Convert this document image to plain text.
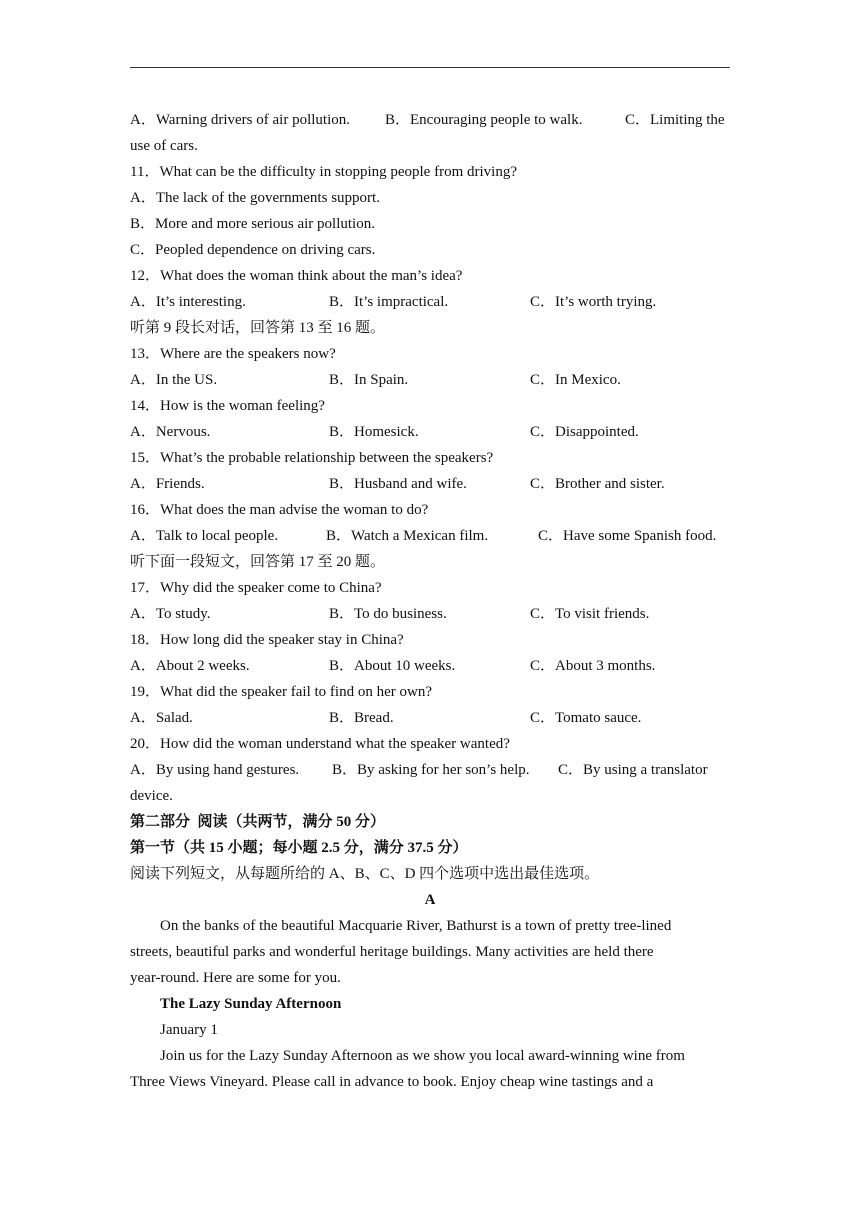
A．Warning drivers of air pollution.

B．Encouraging people to walk.

	C．Limiting the

use of cars.
11．What can be the difficulty in stopping people from driving?
A．The lack of the governments support.
B．More and more serious air pollution.
C．Peopled dependence on driving cars.
12．What does the woman think about the man’s idea?

A．It’s interesting.

	B．It’s impractical.

	C．It’s worth trying.

听第 9 段长对话，回答第 13 至 16 题。
13．Where are the speakers now?

A．In the US.

	B．In Spain.

	C．In Mexico.

14．How is the woman feeling?

A．Nervous.

	B．Homesick.

	C．Disappointed.

15．What’s the probable relationship between the speakers?

A．Friends.

	B．Husband and wife.

	C．Brother and sister.

16．What does the man advise the woman to do?

A．Talk to local people.

	B．Watch a Mexican film.

	C．Have some Spanish food.

听下面一段短文，回答第 17 至 20 题。
17．Why did the speaker come to China?

A．To study.

	B．To do business.

	C．To visit friends.

18．How long did the speaker stay in China?

A．About 2 weeks.

	B．About 10 weeks.

	C．About 3 months.

19．What did the speaker fail to find on her own?

A．Salad.

	B．Bread.

	C．Tomato sauce.

20．How did the woman understand what the speaker wanted?

A．By using hand gestures.

B．By asking for her son’s help.

C．By using a translator

device.
第二部分  阅读（共两节，满分 50 分）
第一节（共 15 小题；每小题 2.5 分，满分 37.5 分）
阅读下列短文，从每题所给的 A、B、C、D 四个选项中选出最佳选项。
A
On the banks of the beautiful Macquarie River, Bathurst is a town of pretty tree-lined
streets, beautiful parks and wonderful heritage buildings. Many activities are held there
year-round. Here are some for you.
The Lazy Sunday Afternoon
January 1
Join us for the Lazy Sunday Afternoon as we show you local award-winning wine from
Three Views Vineyard. Please call in advance to book. Enjoy cheap wine tastings and a
